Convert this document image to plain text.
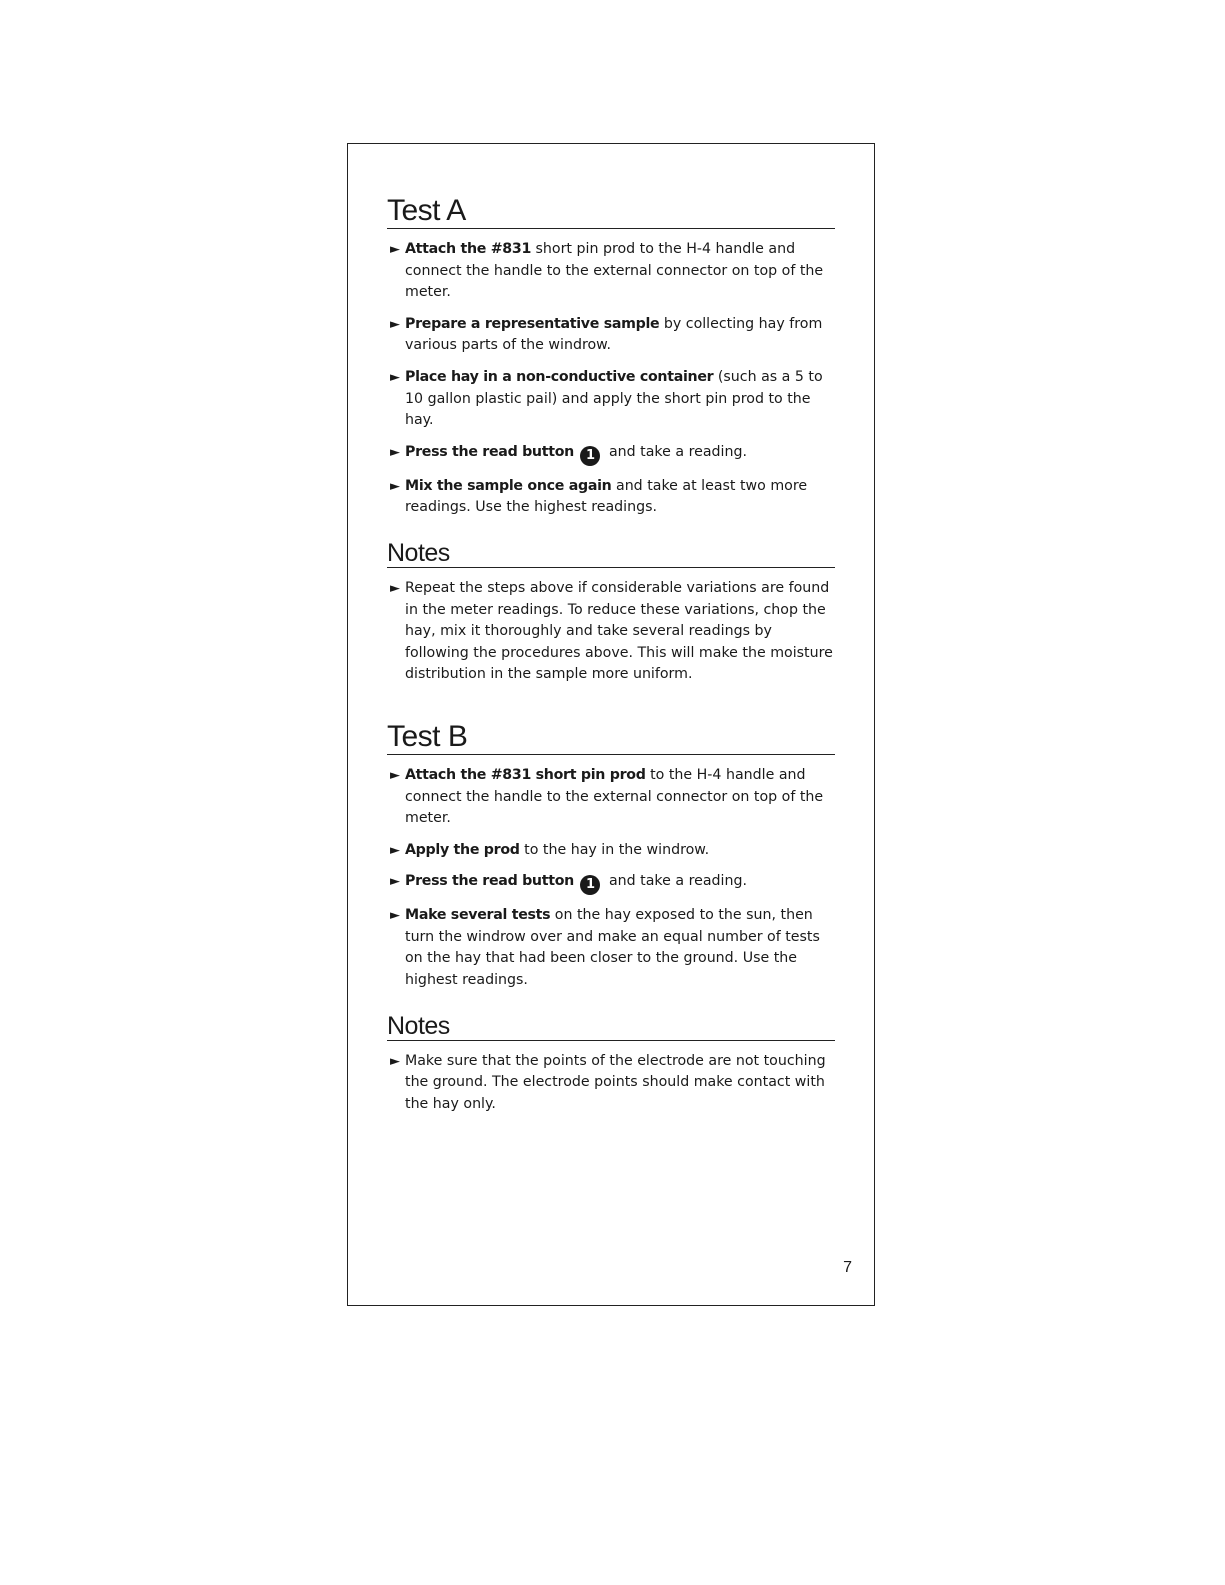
Test A
► Attach the #831 short pin prod to the H-4 handle and connect the handle to the external connector on top of the meter.
► Prepare a representative sample by collecting hay from various parts of the windrow.
► Place hay in a non-conductive container (such as a 5 to 10 gallon plastic pail) and apply the short pin prod to the hay.
► Press the read button 1 and take a reading.
► Mix the sample once again and take at least two more readings. Use the highest readings.
Notes
► Repeat the steps above if considerable variations are found in the meter readings. To reduce these variations, chop the hay, mix it thoroughly and take several readings by following the procedures above. This will make the moisture distribution in the sample more uniform.
Test B
► Attach the #831 short pin prod to the H-4 handle and connect the handle to the external connector on top of the meter.
► Apply the prod to the hay in the windrow.
► Press the read button 1 and take a reading.
► Make several tests on the hay exposed to the sun, then turn the windrow over and make an equal number of tests on the hay that had been closer to the ground. Use the highest readings.
Notes
► Make sure that the points of the electrode are not touching the ground. The electrode points should make contact with the hay only.
7
